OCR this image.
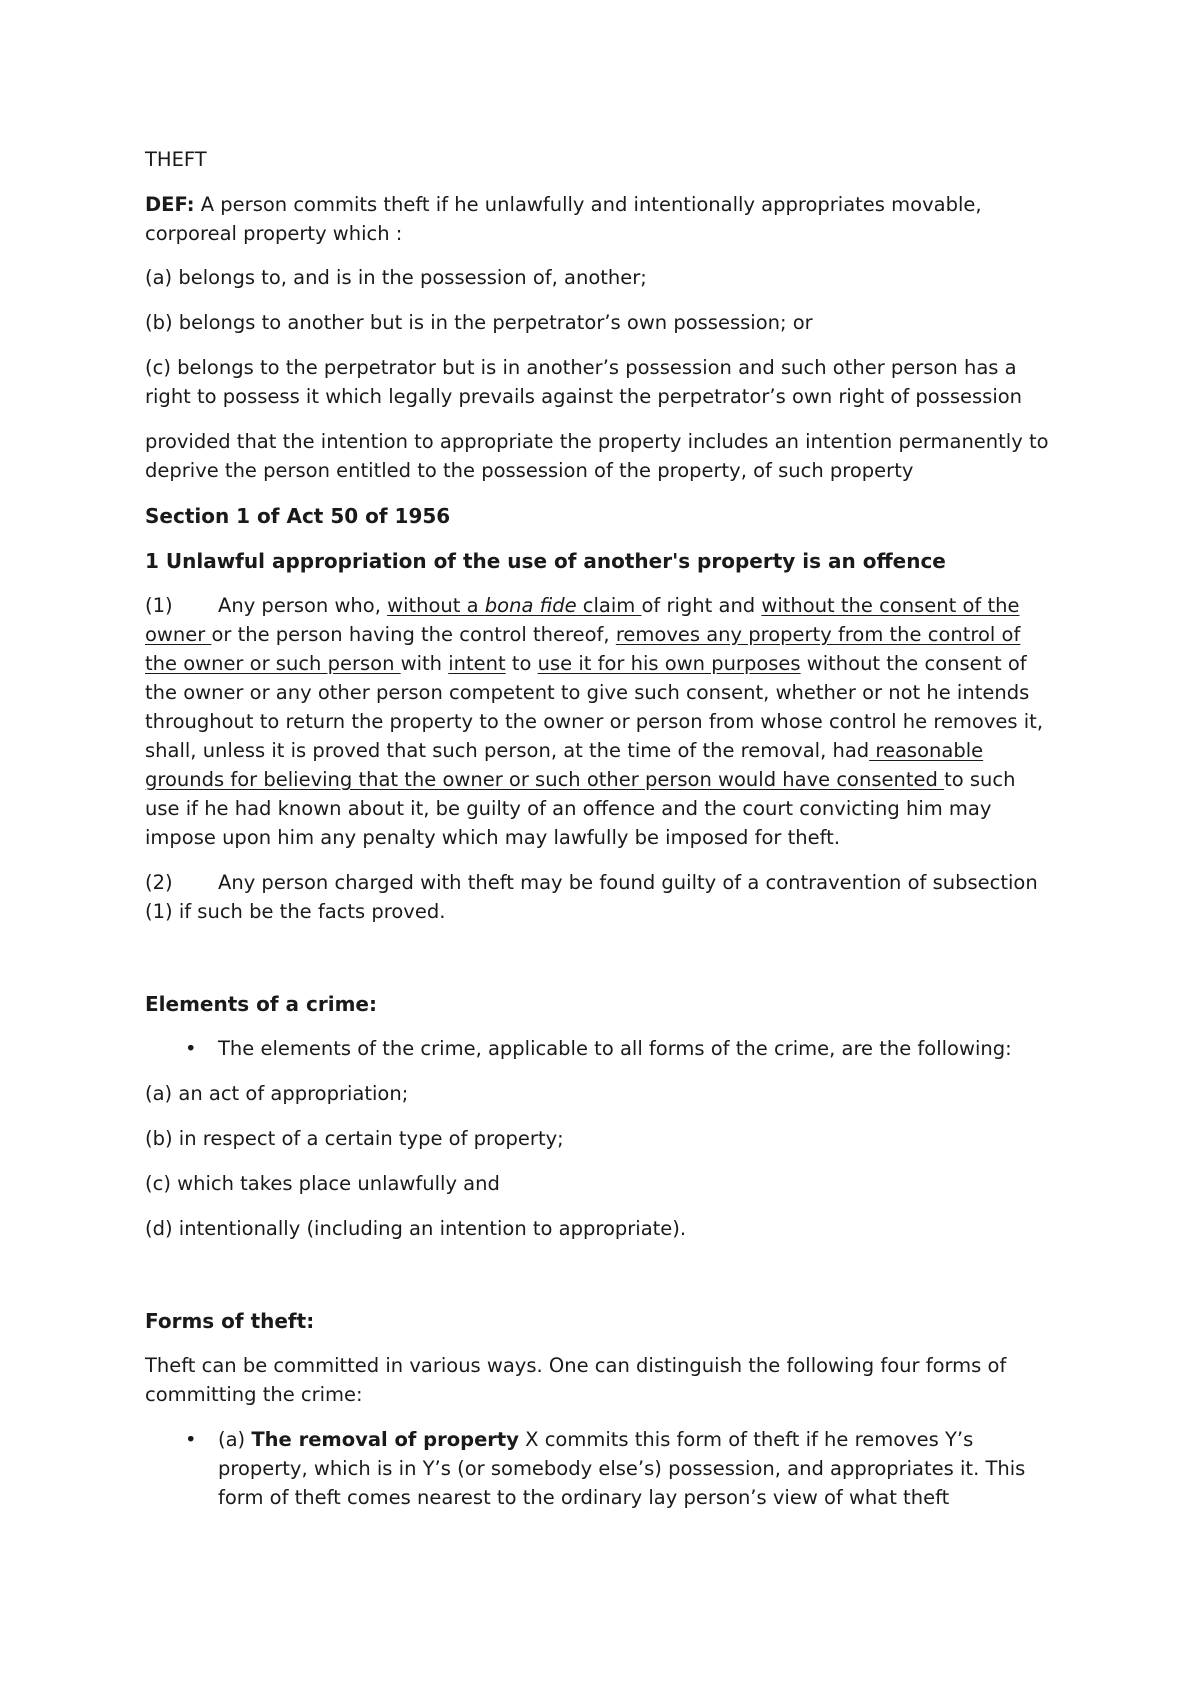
THEFT
DEF: A person commits theft if he unlawfully and intentionally appropriates movable,
corporeal property which :
(a) belongs to, and is in the possession of, another;
(b) belongs to another but is in the perpetrator’s own possession; or
(c) belongs to the perpetrator but is in another’s possession and such other person has a
right to possess it which legally prevails against the perpetrator’s own right of possession
provided that the intention to appropriate the property includes an intention permanently to
deprive the person entitled to the possession of the property, of such property
Section 1 of Act 50 of 1956
1 Unlawful appropriation of the use of another's property is an offence
(1) Any person who, without a bona fide claim of right and without the consent of the
owner or the person having the control thereof, removes any property from the control of
the owner or such person with intent to use it for his own purposes without the consent of
the owner or any other person competent to give such consent, whether or not he intends
throughout to return the property to the owner or person from whose control he removes it,
shall, unless it is proved that such person, at the time of the removal, had reasonable
grounds for believing that the owner or such other person would have consented to such
use if he had known about it, be guilty of an offence and the court convicting him may
impose upon him any penalty which may lawfully be imposed for theft.
(2) Any person charged with theft may be found guilty of a contravention of subsection
(1) if such be the facts proved.
Elements of a crime:
• The elements of the crime, applicable to all forms of the crime, are the following:
(a) an act of appropriation;
(b) in respect of a certain type of property;
(c) which takes place unlawfully and
(d) intentionally (including an intention to appropriate).
Forms of theft:
Theft can be committed in various ways. One can distinguish the following four forms of
committing the crime:
• (a) The removal of property X commits this form of theft if he removes Y’s
property, which is in Y’s (or somebody else’s) possession, and appropriates it. This
form of theft comes nearest to the ordinary lay person’s view of what theft
